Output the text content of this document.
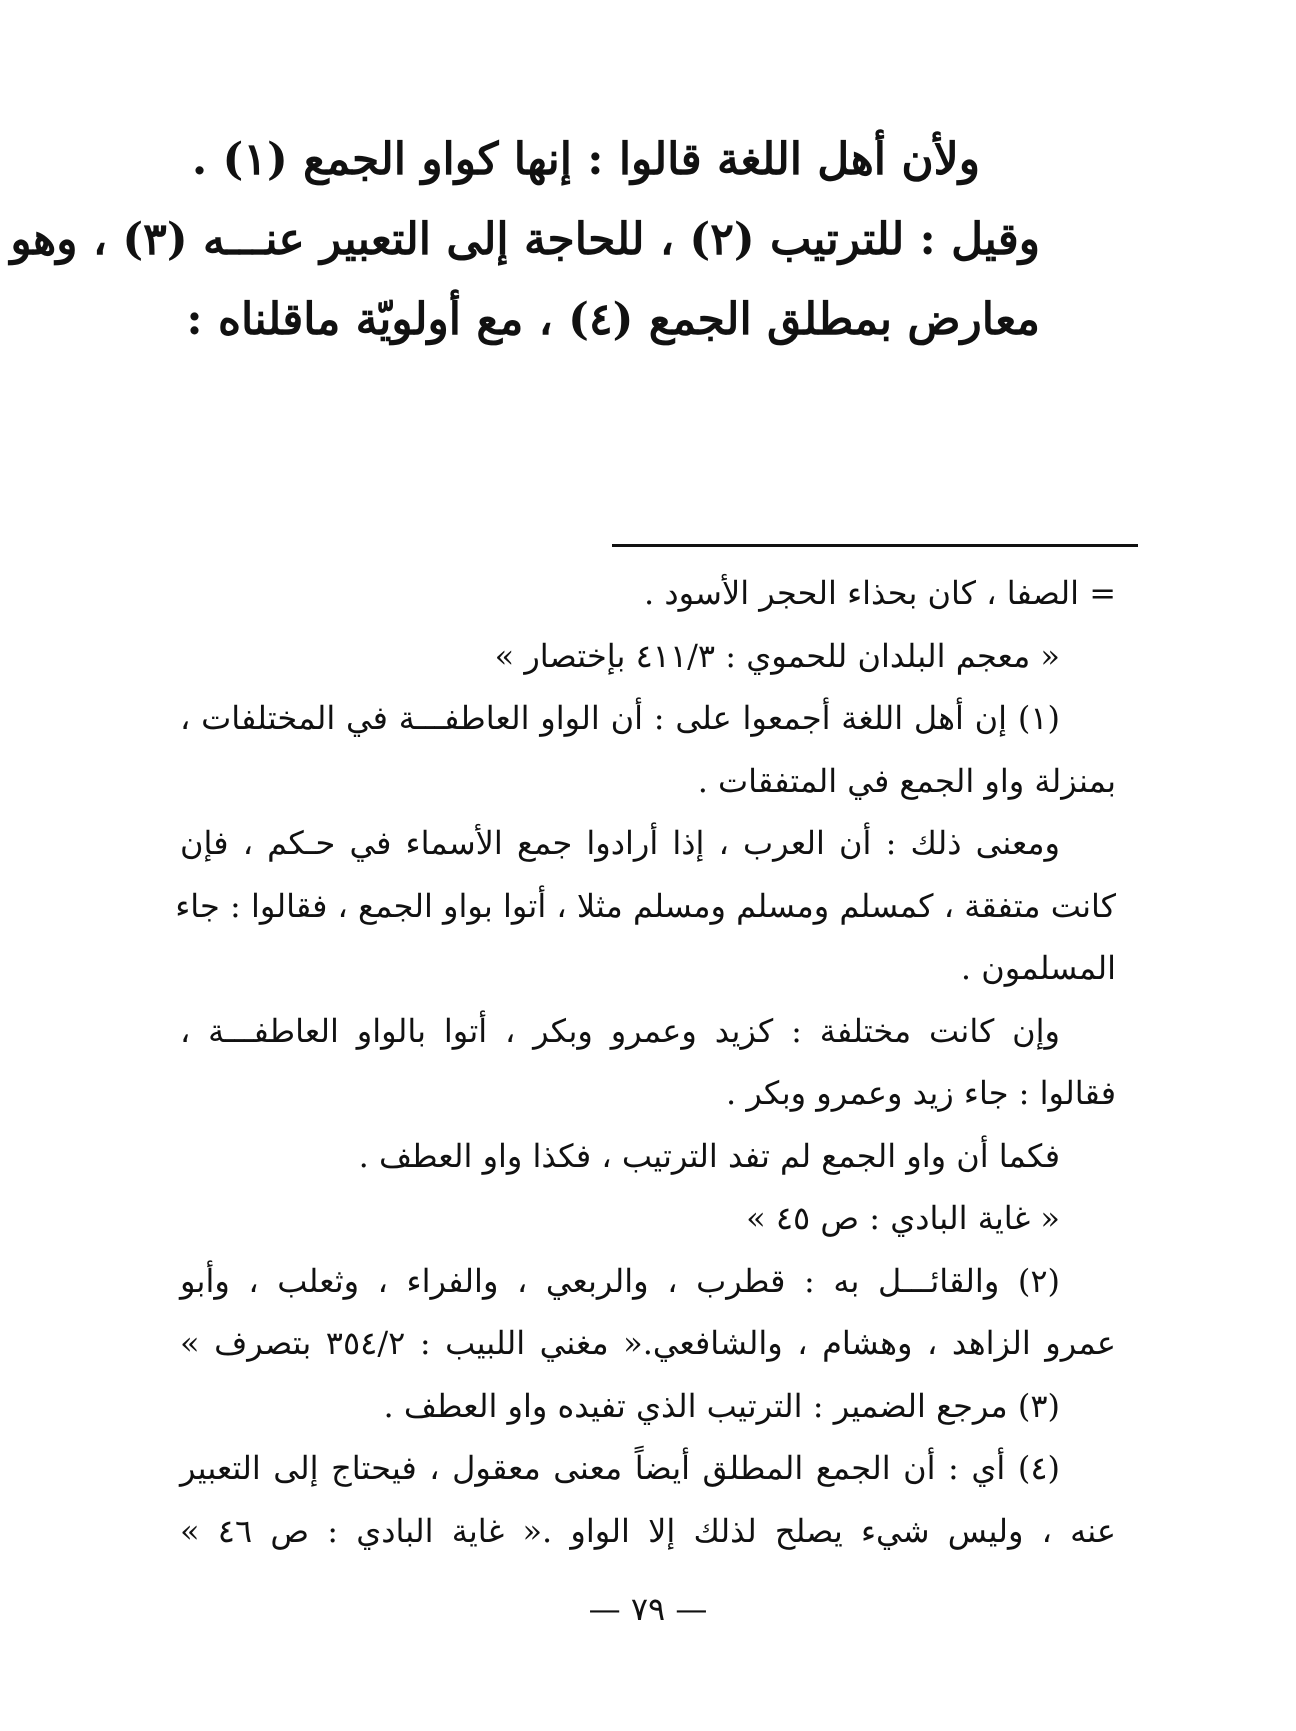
ولأن أهل اللغة قالوا : إنها كواو الجمع (١) .
وقيل : للترتيب (٢) ، للحاجة إلى التعبير عنـــه (٣) ، وهو
معارض بمطلق الجمع (٤) ، مع أولويّة ماقلناه :
= الصفا ، كان بحذاء الحجر الأسود .
« معجم البلدان للحموي : ٤١١/٣ بإختصار »
(١) إن أهل اللغة أجمعوا على : أن الواو العاطفـــة في المختلفات ،
بمنزلة واو الجمع في المتفقات .
ومعنى ذلك : أن العرب ، إذا أرادوا جمع الأسماء في حـكم ، فإن
كانت متفقة ، كمسلم ومسلم ومسلم مثلا ، أتوا بواو الجمع ، فقالوا : جاء
المسلمون .
وإن كانت مختلفة : كزيد وعمرو وبكر ، أتوا بالواو العاطفـــة ،
فقالوا : جاء زيد وعمرو وبكر .
فكما أن واو الجمع لم تفد الترتيب ، فكذا واو العطف .
« غاية البادي : ص ٤٥ »
(٢) والقائـــل به : قطرب ، والربعي ، والفراء ، وثعلب ، وأبو
عمرو الزاهد ، وهشام ، والشافعي.« مغني اللبيب : ٣٥٤/٢ بتصرف »
(٣) مرجع الضمير : الترتيب الذي تفيده واو العطف .
(٤) أي : أن الجمع المطلق أيضاً معنى معقول ، فيحتاج إلى التعبير
عنه ، وليس شيء يصلح لذلك إلا الواو .« غاية البادي : ص ٤٦ »
— ٧٩ —
